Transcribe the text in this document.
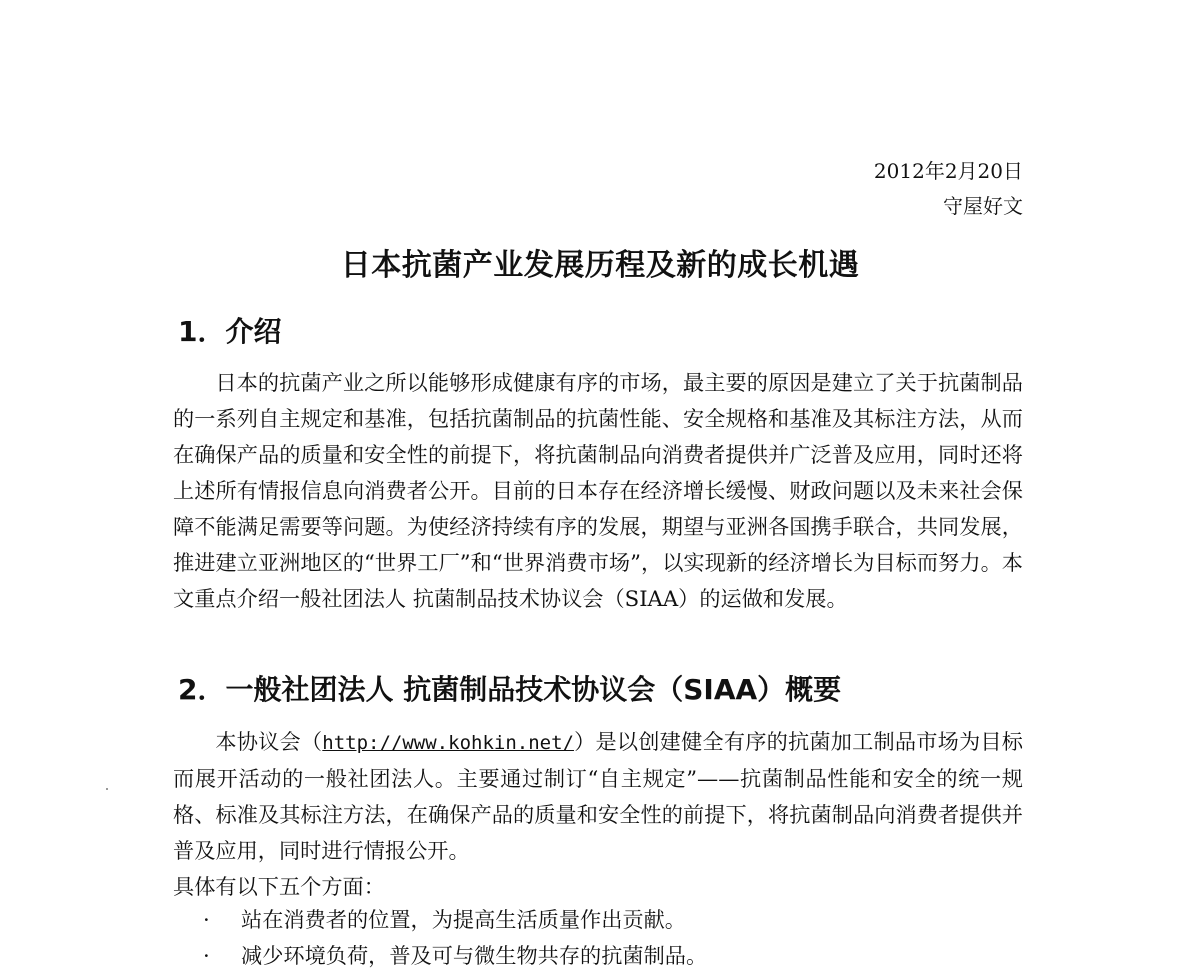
2012年2月20日
守屋好文
日本抗菌产业发展历程及新的成长机遇
1．介绍

日本的抗菌产业之所以能够形成健康有序的市场，最主要的原因是建立了关于抗菌制品的一系列自主规定和基准，包括抗菌制品的抗菌性能、安全规格和基准及其标注方法，从而在确保产品的质量和安全性的前提下，将抗菌制品向消费者提供并广泛普及应用，同时还将上述所有情报信息向消费者公开。目前的日本存在经济增长缓慢、财政问题以及未来社会保障不能满足需要等问题。为使经济持续有序的发展，期望与亚洲各国携手联合，共同发展，推进建立亚洲地区的“世界工厂”和“世界消费市场”，以实现新的经济增长为目标而努力。本文重点介绍一般社团法人 抗菌制品技术协议会（SIAA）的运做和发展。

2．一般社团法人 抗菌制品技术协议会（SIAA）概要

本协议会（http://www.kohkin.net/）是以创建健全有序的抗菌加工制品市场为目标而展开活动的一般社团法人。主要通过制订“自主规定”——抗菌制品性能和安全的统一规格、标准及其标注方法，在确保产品的质量和安全性的前提下，将抗菌制品向消费者提供并普及应用，同时进行情报公开。

具体有以下五个方面：
· 站在消费者的位置，为提高生活质量作出贡献。
· 减少环境负荷，普及可与微生物共存的抗菌制品。
